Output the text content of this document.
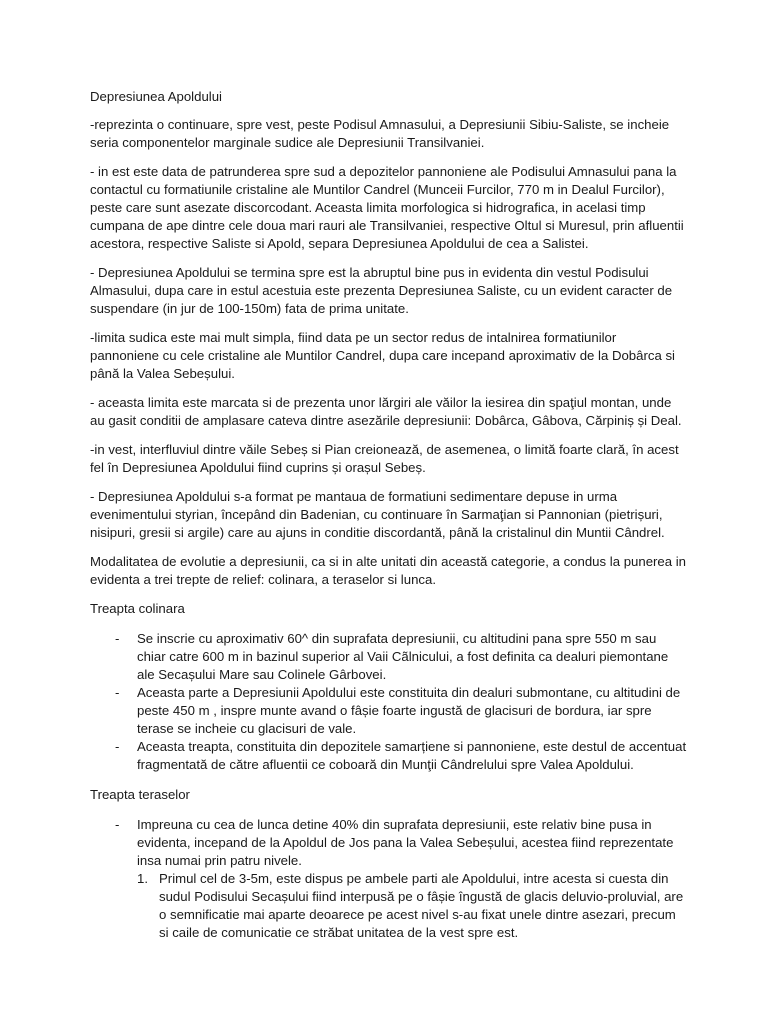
Depresiunea Apoldului

-reprezinta o continuare, spre vest, peste Podisul Amnasului, a Depresiunii Sibiu-Saliste, se incheie seria componentelor marginale sudice ale Depresiunii Transilvaniei.

- in est este data de patrunderea spre sud a depozitelor pannoniene ale Podisului Amnasului pana la contactul cu formatiunile cristaline ale Muntilor Candrel (Munceii Furcilor, 770 m in Dealul Furcilor), peste care sunt asezate discorcodant. Aceasta limita morfologica si hidrografica, in acelasi timp cumpana de ape dintre cele doua mari rauri ale Transilvaniei, respective Oltul si Muresul, prin afluentii acestora, respective Saliste si Apold, separa Depresiunea Apoldului de cea a Salistei.

- Depresiunea Apoldului se termina spre est la abruptul bine pus in evidenta din vestul Podisului Almasului, dupa care in estul acestuia este prezenta Depresiunea Saliste, cu un evident caracter de suspendare (in jur de 100-150m) fata de prima unitate.

-limita sudica este mai mult simpla, fiind data pe un sector redus de intalnirea formatiunilor pannoniene cu cele cristaline ale Muntilor Candrel, dupa care incepand aproximativ de la Dobârca si până la Valea Sebeșului.

- aceasta limita este marcata si de prezenta unor lărgiri ale văilor la iesirea din spaţiul montan, unde au gasit conditii de amplasare cateva dintre asezările depresiunii: Dobârca, Gâbova, Cărpiniș și Deal.

-in vest, interfluviul dintre văile Sebeș si Pian creionează, de asemenea, o limită foarte clară, în acest fel în Depresiunea Apoldului fiind cuprins și orașul Sebeș.

- Depresiunea Apoldului s-a format pe mantaua de formatiuni sedimentare depuse in urma evenimentului styrian, începând din Badenian, cu continuare în Sarmaţian si Pannonian (pietrișuri, nisipuri, gresii si argile) care au ajuns in conditie discordantă, până la cristalinul din Muntii Cândrel.

Modalitatea de evolutie a depresiunii, ca si in alte unitati din această categorie, a condus la punerea in evidenta a trei trepte de relief: colinara, a teraselor si lunca.

Treapta colinara
- Se inscrie cu aproximativ 60^ din suprafata depresiunii, cu altitudini pana spre 550 m sau chiar catre 600 m in bazinul superior al Vaii Cãlnicului, a fost definita ca dealuri piemontane ale Secașului Mare sau Colinele Gârbovei.
- Aceasta parte a Depresiunii Apoldului este constituita din dealuri submontane, cu altitudini de peste 450 m , inspre munte avand o fâșie foarte ingustă de glacisuri de bordura, iar spre terase se incheie cu glacisuri de vale.
- Aceasta treapta, constituita din depozitele samarțiene si pannoniene, este destul de accentuat fragmentată de către afluentii ce coboară din Munţii Cândrelului spre Valea Apoldului.
Treapta teraselor
- Impreuna cu cea de lunca detine 40% din suprafata depresiunii, este relativ bine pusa in evidenta, incepand de la Apoldul de Jos pana la Valea Sebeșului, acestea fiind reprezentate insa numai prin patru nivele.
1. Primul cel de 3-5m, este dispus pe ambele parti ale Apoldului, intre acesta si cuesta din sudul Podisului Secașului fiind interpusă pe o fâșie îngustă de glacis deluvio-proluvial, are o semnificatie mai aparte deoarece pe acest nivel s-au fixat unele dintre asezari, precum si caile de comunicatie ce străbat unitatea de la vest spre est.
